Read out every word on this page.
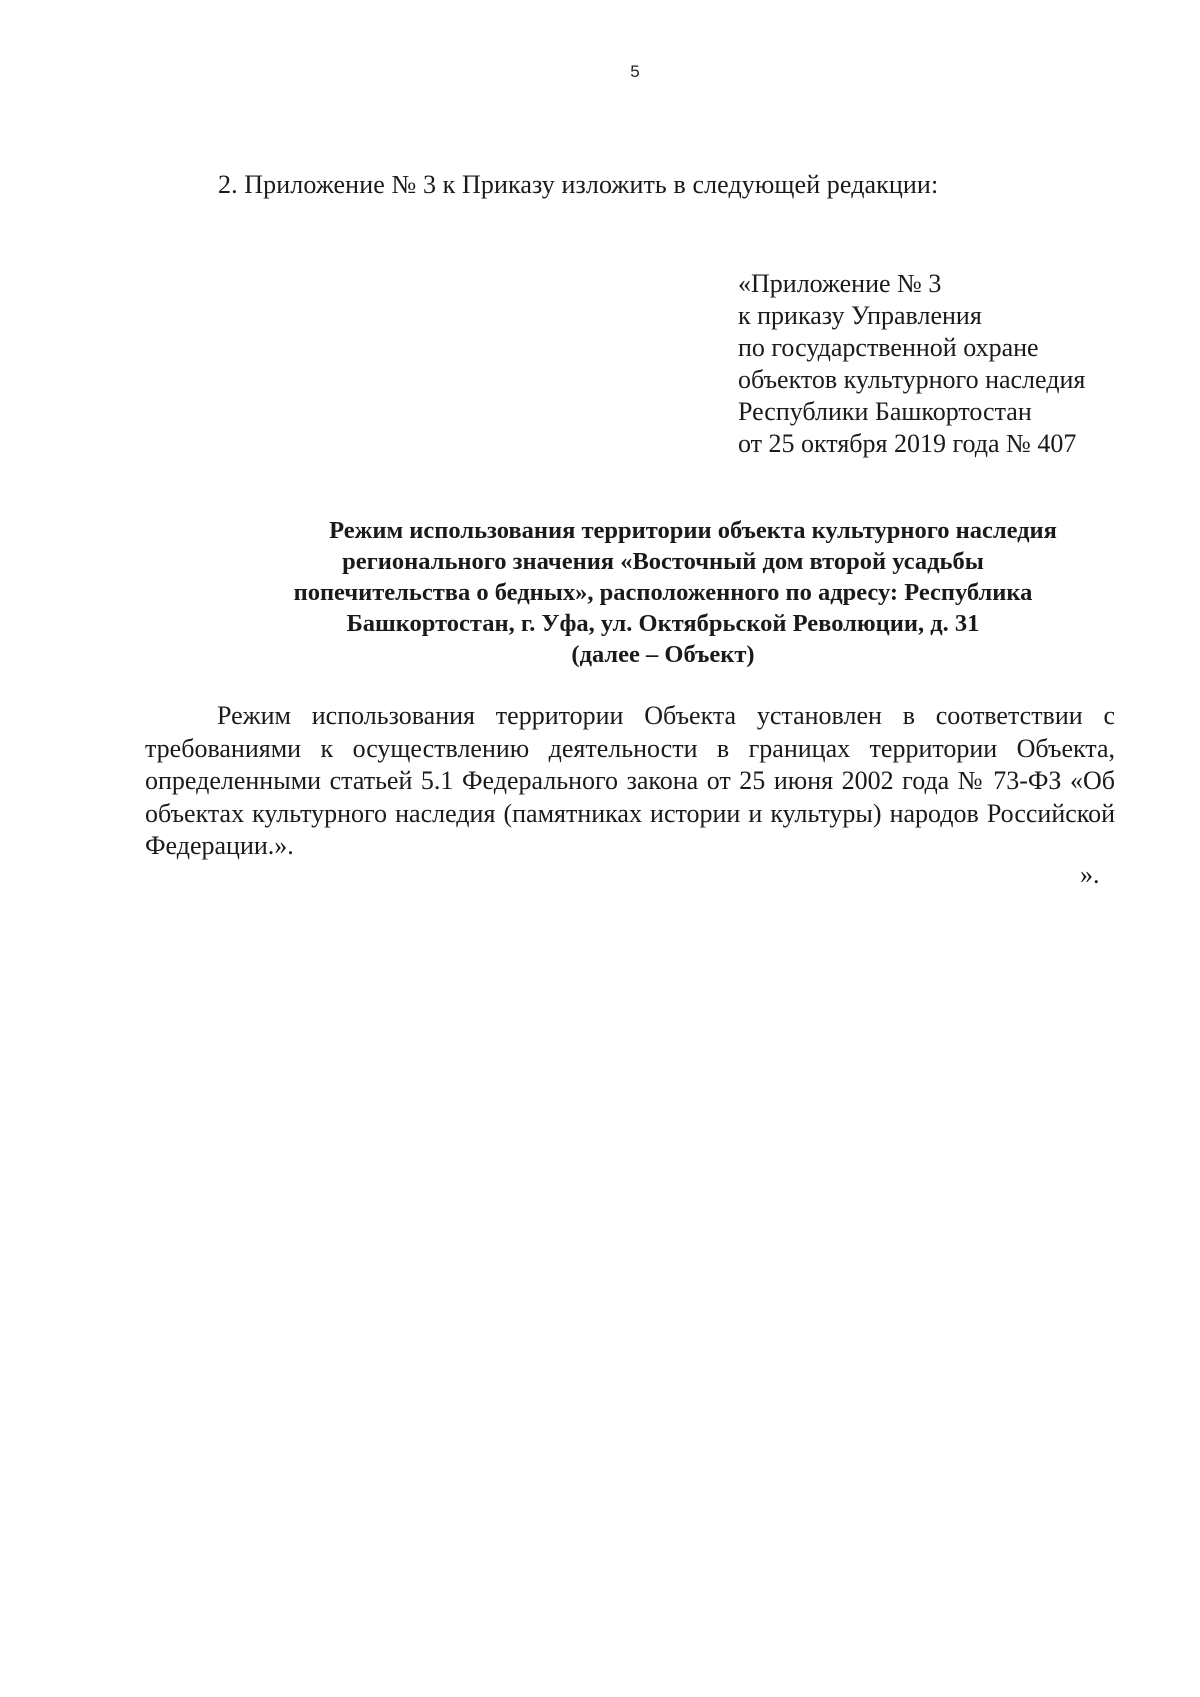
5
2. Приложение № 3 к Приказу изложить в следующей редакции:
«Приложение № 3
к приказу Управления
по государственной охране
объектов культурного наследия
Республики Башкортостан
от 25 октября 2019 года № 407
Режим использования территории объекта культурного наследия
регионального значения «Восточный дом второй усадьбы
попечительства о бедных», расположенного по адресу: Республика
Башкортостан, г. Уфа, ул. Октябрьской Революции, д. 31
(далее – Объект)
Режим использования территории Объекта установлен в соответствии с требованиями к осуществлению деятельности в границах территории Объекта, определенными статьей 5.1 Федерального закона от 25 июня 2002 года № 73-ФЗ «Об объектах культурного наследия (памятниках истории и культуры) народов Российской Федерации.».
».
